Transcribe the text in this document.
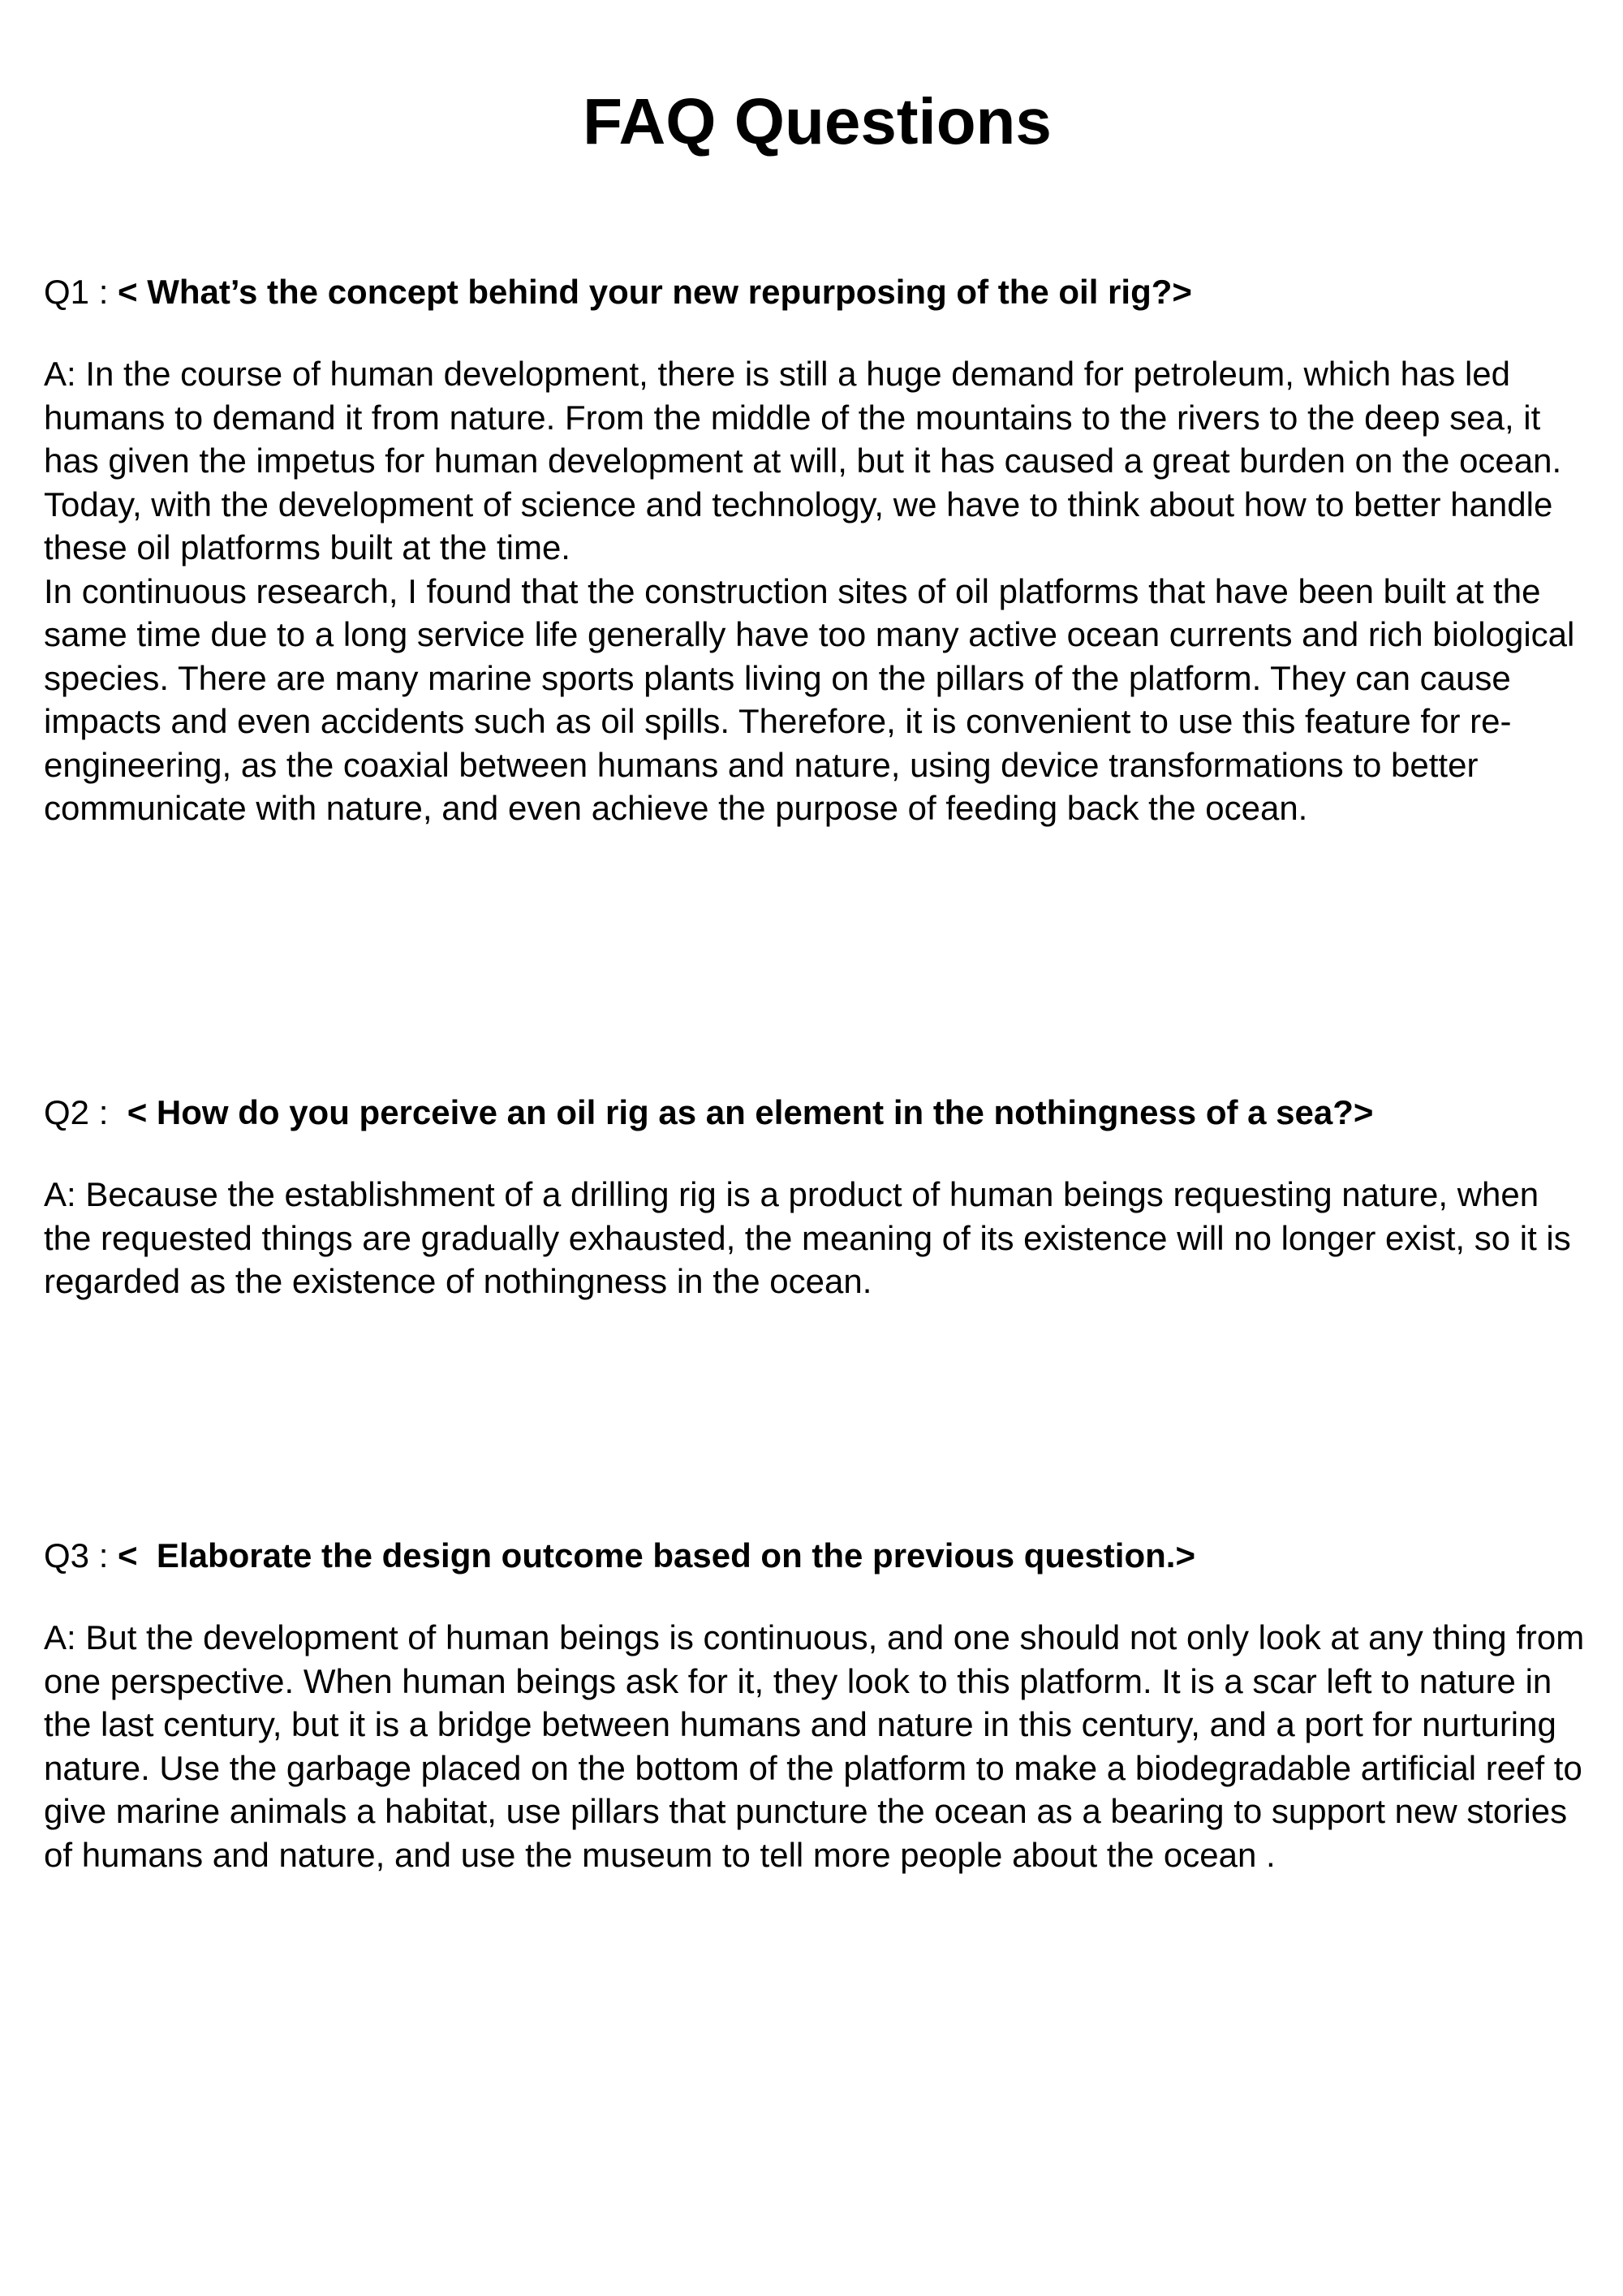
FAQ Questions

Q1 : < What’s the concept behind your new repurposing of the oil rig?>

A: In the course of human development, there is still a huge demand for petroleum, which has led humans to demand it from nature. From the middle of the mountains to the rivers to the deep sea, it has given the impetus for human development at will, but it has caused a great burden on the ocean. Today, with the development of science and technology, we have to think about how to better handle these oil platforms built at the time.

In continuous research, I found that the construction sites of oil platforms that have been built at the same time due to a long service life generally have too many active ocean currents and rich biological species. There are many marine sports plants living on the pillars of the platform. They can cause impacts and even accidents such as oil spills. Therefore, it is convenient to use this feature for re-engineering, as the coaxial between humans and nature, using device transformations to better communicate with nature, and even achieve the purpose of feeding back the ocean.

Q2 :  < How do you perceive an oil rig as an element in the nothingness of a sea?>

A: Because the establishment of a drilling rig is a product of human beings requesting nature, when the requested things are gradually exhausted, the meaning of its existence will no longer exist, so it is regarded as the existence of nothingness in the ocean.

Q3 : <  Elaborate the design outcome based on the previous question.>

A: But the development of human beings is continuous, and one should not only look at any thing from one perspective. When human beings ask for it, they look to this platform. It is a scar left to nature in the last century, but it is a bridge between humans and nature in this century, and a port for nurturing nature. Use the garbage placed on the bottom of the platform to make a biodegradable artificial reef to give marine animals a habitat, use pillars that puncture the ocean as a bearing to support new stories of humans and nature, and use the museum to tell more people about the ocean .
